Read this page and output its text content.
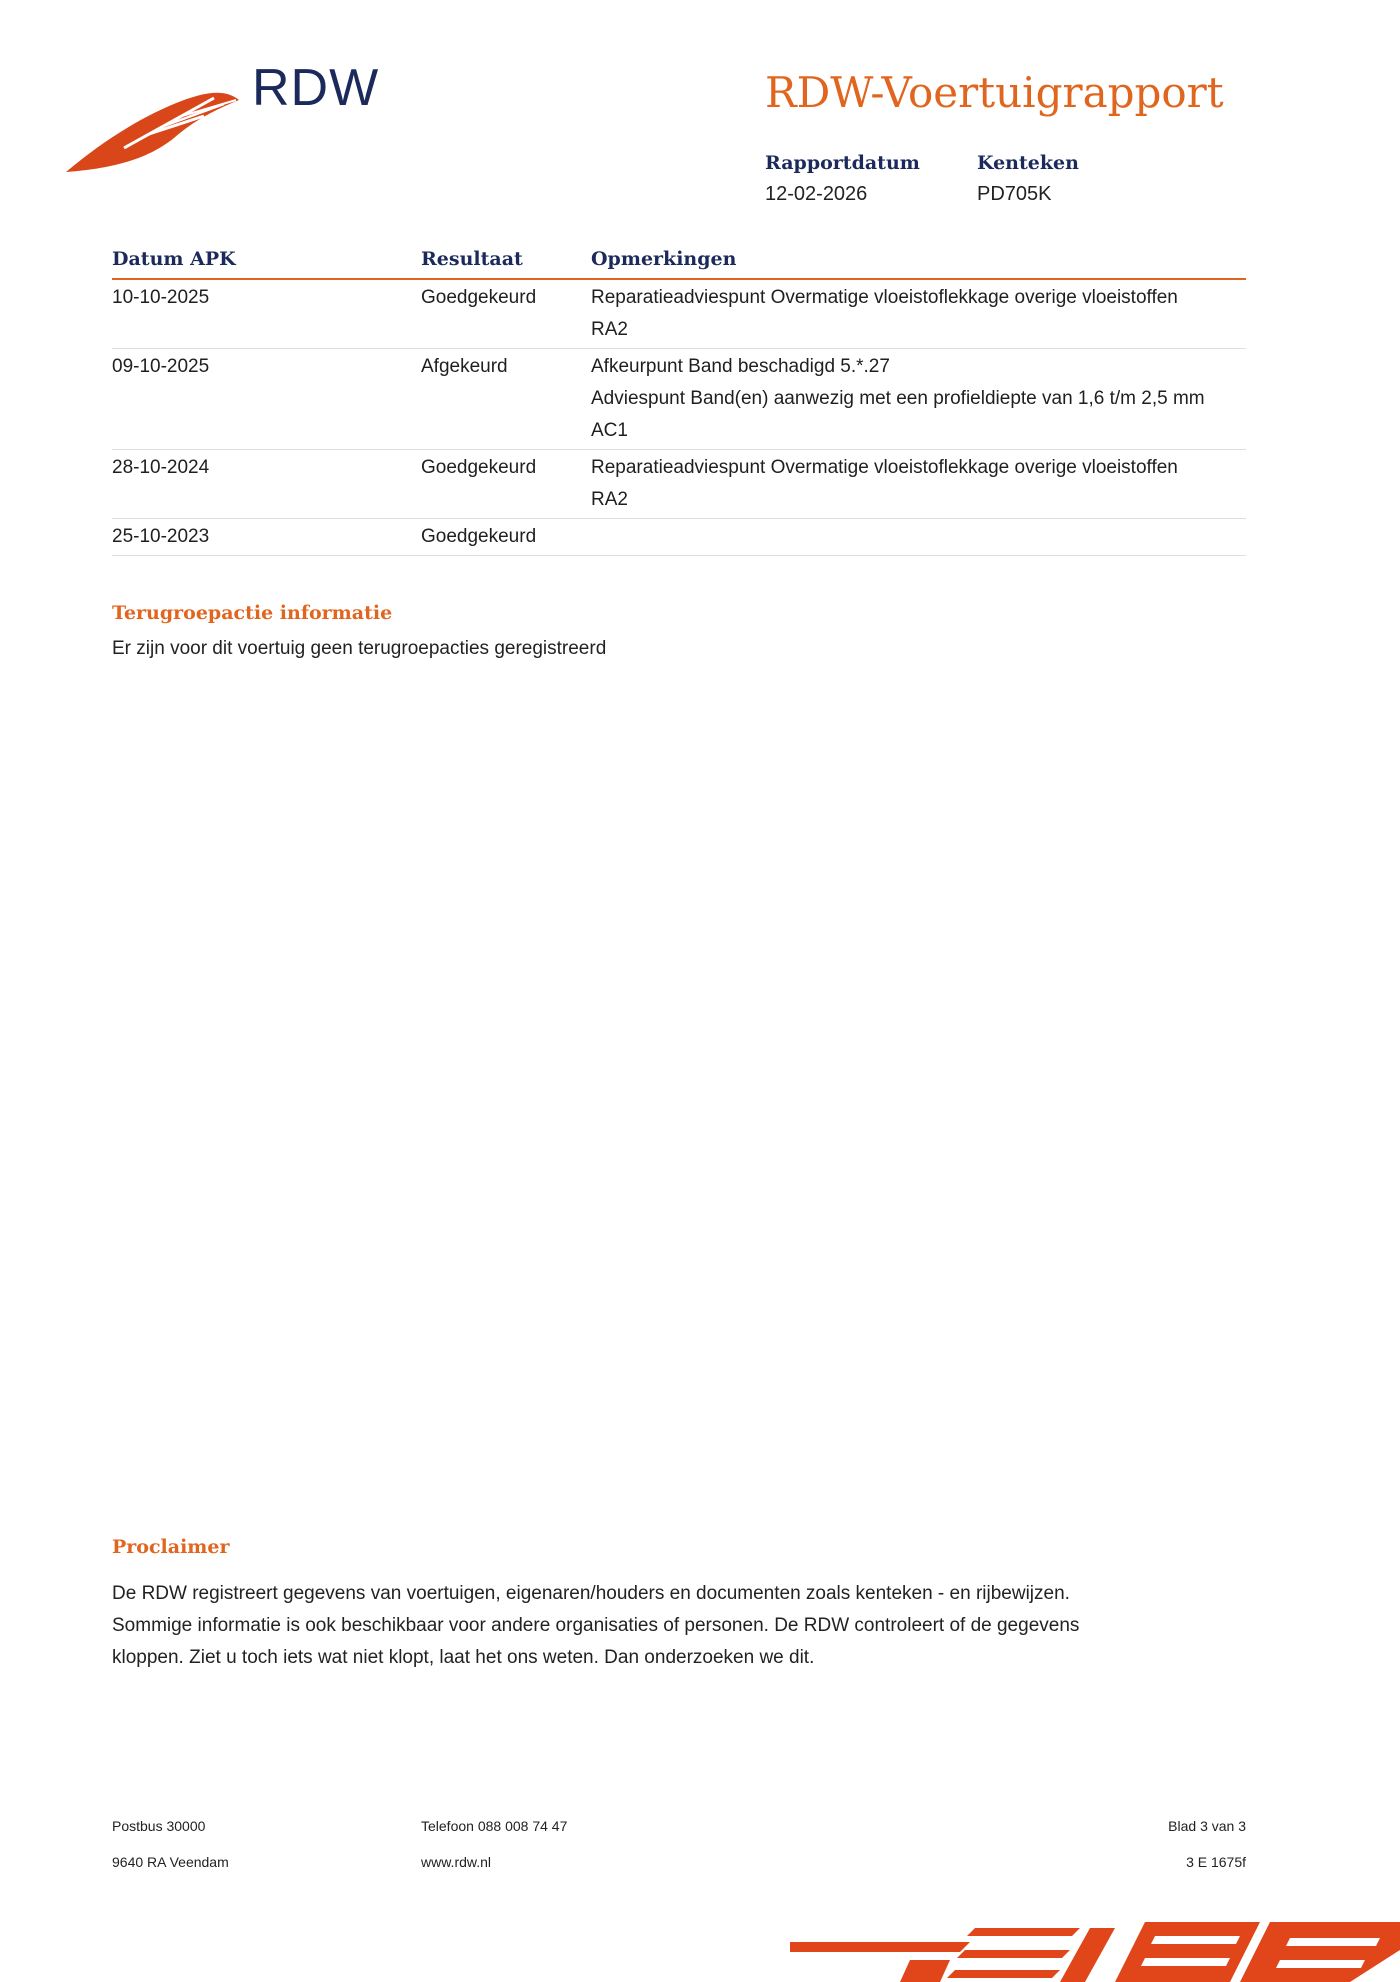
RDW	RDW-Voertuigrapport
Rapportdatum
12-02-2026
Kenteken
PD705K
Datum APK	Resultaat	Opmerkingen
10-10-2025	Goedgekeurd	Reparatieadviespunt Overmatige vloeistoflekkage overige vloeistoffen RA2
09-10-2025	Afgekeurd	Afkeurpunt Band beschadigd 5.*.27
Adviespunt Band(en) aanwezig met een profieldiepte van 1,6 t/m 2,5 mm AC1
28-10-2024	Goedgekeurd	Reparatieadviespunt Overmatige vloeistoflekkage overige vloeistoffen RA2
25-10-2023	Goedgekeurd
Terugroepactie informatie
Er zijn voor dit voertuig geen terugroepacties geregistreerd
Proclaimer
De RDW registreert gegevens van voertuigen, eigenaren/houders en documenten zoals kenteken - en rijbewijzen.
Sommige informatie is ook beschikbaar voor andere organisaties of personen. De RDW controleert of de gegevens
kloppen. Ziet u toch iets wat niet klopt, laat het ons weten. Dan onderzoeken we dit.
Postbus 30000
9640 RA Veendam
Telefoon 088 008 74 47
www.rdw.nl
Blad 3 van 3
3 E 1675f
